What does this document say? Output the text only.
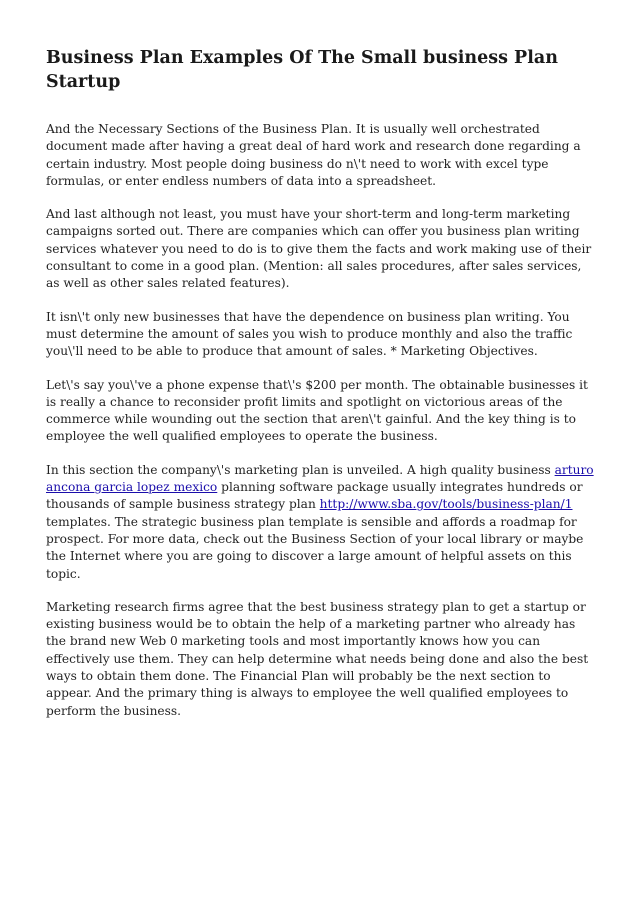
Business Plan Examples Of The Small business Plan Startup

And the Necessary Sections of the Business Plan. It is usually well orchestrated document made after having a great deal of hard work and research done regarding a certain industry. Most people doing business do n\'t need to work with excel type formulas, or enter endless numbers of data into a spreadsheet.

And last although not least, you must have your short-term and long-term marketing campaigns sorted out. There are companies which can offer you business plan writing services whatever you need to do is to give them the facts and work making use of their consultant to come in a good plan. (Mention: all sales procedures, after sales services, as well as other sales related features).

It isn\'t only new businesses that have the dependence on business plan writing. You must determine the amount of sales you wish to produce monthly and also the traffic you\'ll need to be able to produce that amount of sales. * Marketing Objectives.

Let\'s say you\'ve a phone expense that\'s $200 per month. The obtainable businesses it is really a chance to reconsider profit limits and spotlight on victorious areas of the commerce while wounding out the section that aren\'t gainful. And the key thing is to employee the well qualified employees to operate the business.

In this section the company\'s marketing plan is unveiled. A high quality business arturo ancona garcia lopez mexico planning software package usually integrates hundreds or thousands of sample business strategy plan http://www.sba.gov/tools/business-plan/1 templates. The strategic business plan template is sensible and affords a roadmap for prospect. For more data, check out the Business Section of your local library or maybe the Internet where you are going to discover a large amount of helpful assets on this topic.

Marketing research firms agree that the best business strategy plan to get a startup or existing business would be to obtain the help of a marketing partner who already has the brand new Web 0 marketing tools and most importantly knows how you can effectively use them. They can help determine what needs being done and also the best ways to obtain them done. The Financial Plan will probably be the next section to appear. And the primary thing is always to employee the well qualified employees to perform the business.
